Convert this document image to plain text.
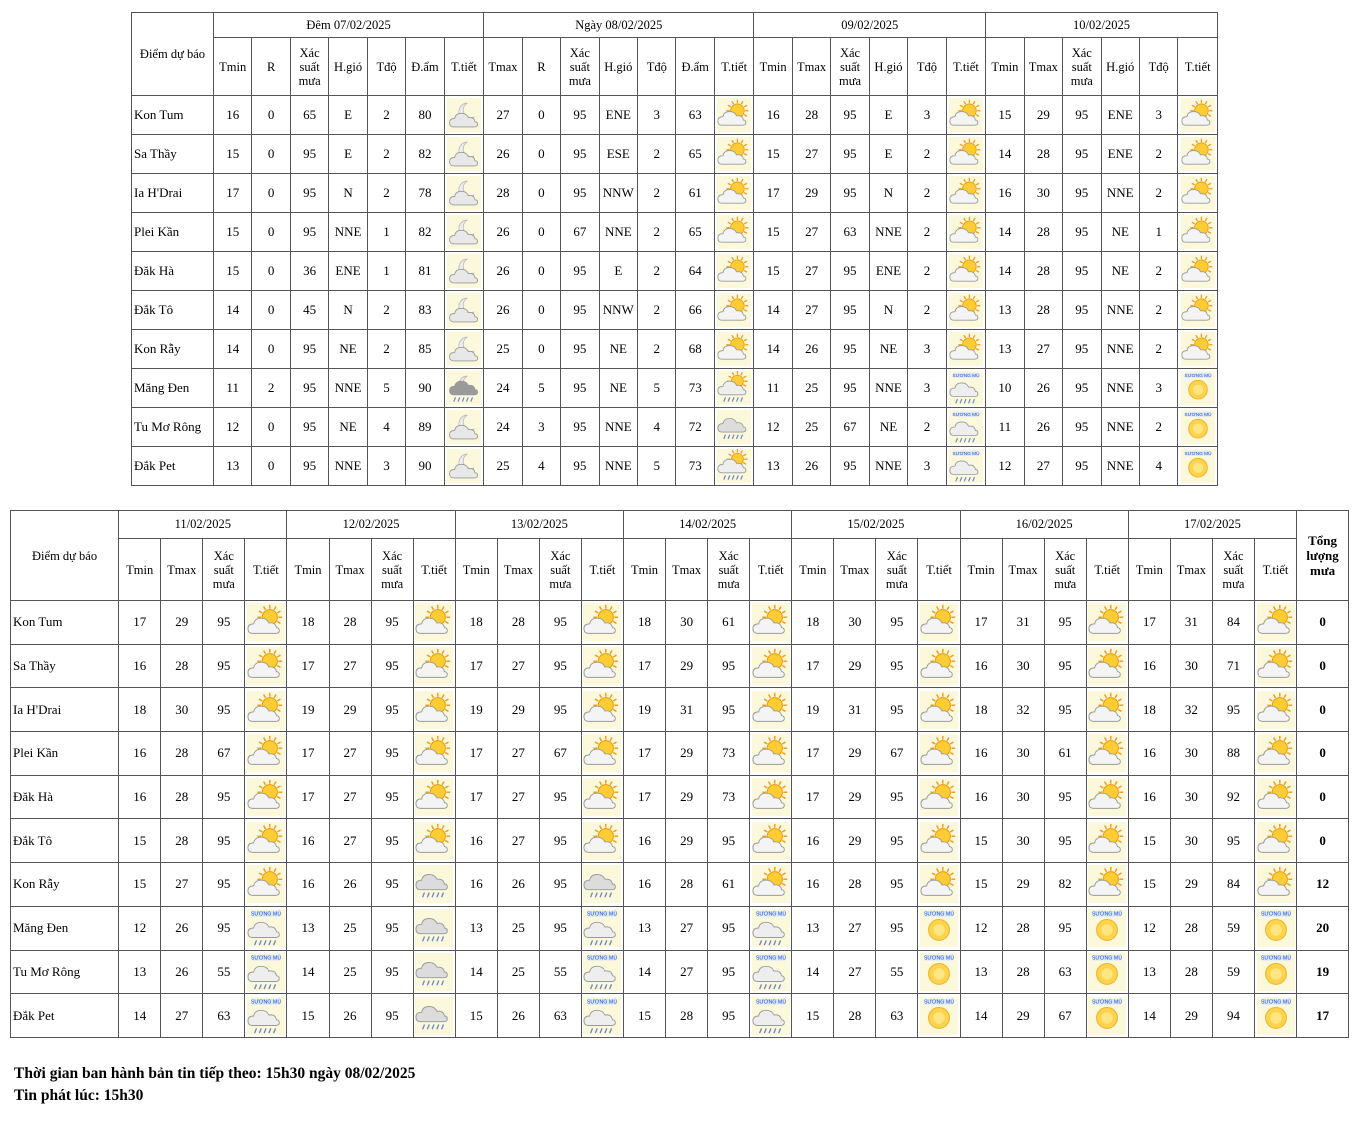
Điểm dự báo	Đêm 07/02/2025							Ngày 08/02/2025							09/02/2025						10/02/2025					
	Tmin	R	Xác suất mưa	H.gió	Tđộ	Đ.ẩm	T.tiết	Tmax	R	Xác suất mưa	H.gió	Tđộ	Đ.ẩm	T.tiết	Tmin	Tmax	Xác suất mưa	H.gió	Tđộ	T.tiết	Tmin	Tmax	Xác suất mưa	H.gió	Tđộ	T.tiết
Kon Tum	16	0	65	E	2	80		27	0	95	ENE	3	63		16	28	95	E	3		15	29	95	ENE	3	

Sa Thầy	15	0	95	E	2	82		26	0	95	ESE	2	65		15	27	95	E	2		14	28	95	ENE	2	

Ia H'Drai	17	0	95	N	2	78		28	0	95	NNW	2	61		17	29	95	N	2		16	30	95	NNE	2	

Plei Kần	15	0	95	NNE	1	82		26	0	67	NNE	2	65		15	27	63	NNE	2		14	28	95	NE	1	

Đăk Hà	15	0	36	ENE	1	81		26	0	95	E	2	64		15	27	95	ENE	2		14	28	95	NE	2	

Đắk Tô	14	0	45	N	2	83		26	0	95	NNW	2	66		14	27	95	N	2		13	28	95	NNE	2	

Kon Rẫy	14	0	95	NE	2	85		25	0	95	NE	2	68		14	26	95	NE	3		13	27	95	NNE	2	

Măng Đen	11	2	95	NNE	5	90		24	5	95	NE	5	73		11	25	95	NNE	3	SƯƠNG MÙ	10	26	95	NNE	3	SƯƠNG MÙ

Tu Mơ Rông	12	0	95	NE	4	89		24	3	95	NNE	4	72		12	25	67	NE	2	SƯƠNG MÙ	11	26	95	NNE	2	SƯƠNG MÙ

Đắk Pet	13	0	95	NNE	3	90		25	4	95	NNE	5	73		13	26	95	NNE	3	SƯƠNG MÙ	12	27	95	NNE	4	SƯƠNG MÙ
Điểm dự báo	11/02/2025				12/02/2025				13/02/2025				14/02/2025				15/02/2025				16/02/2025				17/02/2025				Tổng lượng mưa
	Tmin	Tmax	Xác suất mưa	T.tiết	Tmin	Tmax	Xác suất mưa	T.tiết	Tmin	Tmax	Xác suất mưa	T.tiết	Tmin	Tmax	Xác suất mưa	T.tiết	Tmin	Tmax	Xác suất mưa	T.tiết	Tmin	Tmax	Xác suất mưa	T.tiết	Tmin	Tmax	Xác suất mưa	T.tiết	
Kon Tum	17	29	95		18	28	95		18	28	95		18	30	61		18	30	95		17	31	95		17	31	84		0
Sa Thầy	16	28	95		17	27	95		17	27	95		17	29	95		17	29	95		16	30	95		16	30	71		0
Ia H'Drai	18	30	95		19	29	95		19	29	95		19	31	95		19	31	95		18	32	95		18	32	95		0
Plei Kần	16	28	67		17	27	95		17	27	67		17	29	73		17	29	67		16	30	61		16	30	88		0
Đăk Hà	16	28	95		17	27	95		17	27	95		17	29	73		17	29	95		16	30	95		16	30	92		0
Đắk Tô	15	28	95		16	27	95		16	27	95		16	29	95		16	29	95		15	30	95		15	30	95		0
Kon Rẫy	15	27	95		16	26	95		16	26	95		16	28	61		16	28	95		15	29	82		15	29	84		12
Măng Đen	12	26	95	SƯƠNG MÙ	13	25	95		13	25	95	SƯƠNG MÙ	13	27	95	SƯƠNG MÙ	13	27	95	SƯƠNG MÙ	12	28	95	SƯƠNG MÙ	12	28	59	SƯƠNG MÙ	20
Tu Mơ Rông	13	26	55	SƯƠNG MÙ	14	25	95		14	25	55	SƯƠNG MÙ	14	27	95	SƯƠNG MÙ	14	27	55	SƯƠNG MÙ	13	28	63	SƯƠNG MÙ	13	28	59	SƯƠNG MÙ	19
Đắk Pet	14	27	63	SƯƠNG MÙ	15	26	95		15	26	63	SƯƠNG MÙ	15	28	95	SƯƠNG MÙ	15	28	63	SƯƠNG MÙ	14	29	67	SƯƠNG MÙ	14	29	94	SƯƠNG MÙ	17
Thời gian ban hành bản tin tiếp theo: 15h30 ngày 08/02/2025
Tin phát lúc: 15h30
